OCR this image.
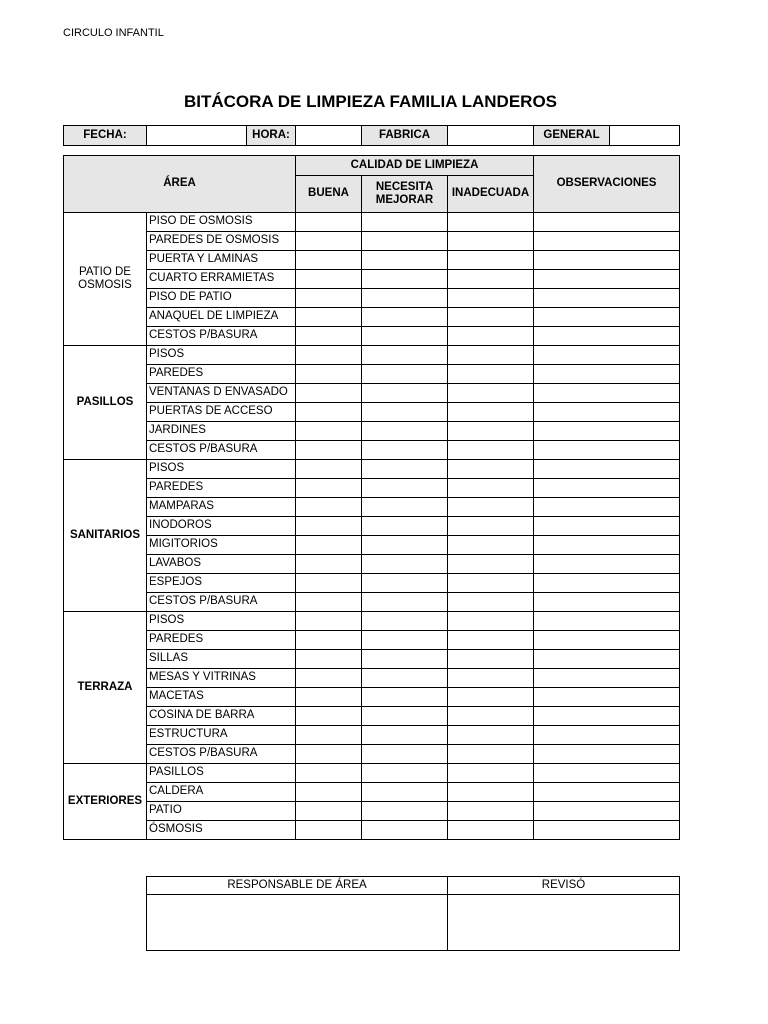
CIRCULO INFANTIL
BITÁCORA DE LIMPIEZA FAMILIA LANDEROS
FECHA:		HORA:		FABRICA		GENERAL	
ÁREA		CALIDAD DE LIMPIEZA			OBSERVACIONES
		BUENA	NECESITA MEJORAR	INADECUADA	
PATIO DE OSMOSIS	PISO DE OSMOSIS				
	PAREDES DE OSMOSIS				
	PUERTA Y LAMINAS				
	CUARTO ERRAMIETAS				
	PISO DE PATIO				
	ANAQUEL DE LIMPIEZA				
	CESTOS P/BASURA				
PASILLOS	PISOS				
	PAREDES				
	VENTANAS D ENVASADO				
	PUERTAS DE ACCESO				
	JARDINES				
	CESTOS P/BASURA				
SANITARIOS	PISOS				
	PAREDES				
	MAMPARAS				
	INODOROS				
	MIGITORIOS				
	LAVABOS				
	ESPEJOS				
	CESTOS P/BASURA				
TERRAZA	PISOS				
	PAREDES				
	SILLAS				
	MESAS Y VITRINAS				
	MACETAS				
	COSINA DE BARRA				
	ESTRUCTURA				
	CESTOS P/BASURA				
EXTERIORES	PASILLOS				
	CALDERA				
	PATIO				
	ÓSMOSIS				
RESPONSABLE DE ÁREA	REVISÓ
